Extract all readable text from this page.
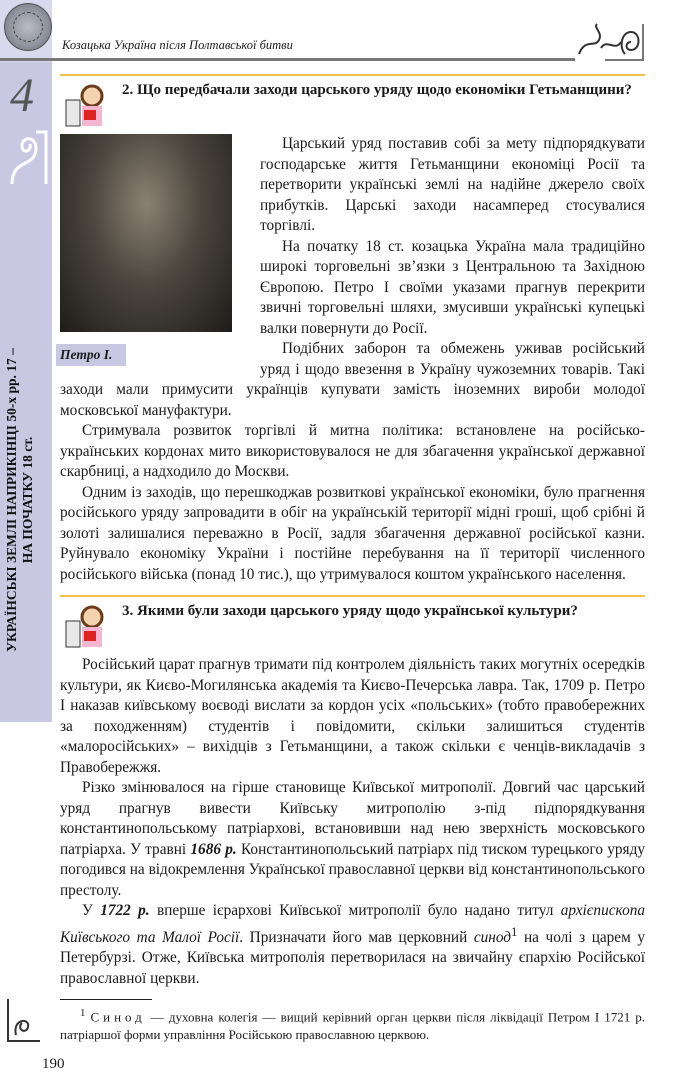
Козацька Україна після Полтавської битви
4
УКРАЇНСЬКІ ЗЕМЛІ НАПРИКІНЦІ 50-х рр. 17 – НА ПОЧАТКУ 18 ст.
2. Що передбачали заходи царського уряду щодо економіки Гетьманщини?
Петро І.

Царський уряд поставив собі за мету підпорядкувати господарське життя Гетьманщини економіці Росії та перетворити українські землі на надійне джерело своїх прибутків. Царські заходи насамперед стосувалися торгівлі.

На початку 18 ст. козацька Україна мала традиційно широкі торговельні зв’язки з Центральною та Західною Європою. Петро І своїми указами прагнув перекрити звичні торговельні шляхи, змусивши українські купецькі валки повернути до Росії.

Подібних заборон та обмежень уживав російський уряд і щодо ввезення в Україну чужоземних товарів. Такі заходи мали примусити українців купувати замість іноземних вироби молодої московської мануфактури.

Стримувала розвиток торгівлі й митна політика: встановлене на російсько-українських кордонах мито використовувалося не для збагачення української державної скарбниці, а надходило до Москви.

Одним із заходів, що перешкоджав розвиткові української економіки, було прагнення російського уряду запровадити в обіг на українській території мідні гроші, щоб срібні й золоті залишалися переважно в Росії, задля збагачення державної російської казни. Руйнувало економіку України і постійне перебування на її території численного російського війська (понад 10 тис.), що утримувалося коштом українського населення.

3. Якими були заходи царського уряду щодо української культури?

Російський царат прагнув тримати під контролем діяльність таких могутніх осередків культури, як Києво-Могилянська академія та Києво-Печерська лавра. Так, 1709 р. Петро І наказав київському воєводі вислати за кордон усіх «польських» (тобто правобережних за походженням) студентів і повідомити, скільки залишиться студентів «малоросійських» – вихідців з Гетьманщини, а також скільки є ченців-викладачів з Правобережжя.

Різко змінювалося на гірше становище Київської митрополії. Довгий час царський уряд прагнув вивести Київську митрополію з-під підпорядкування константинопольському патріархові, встановивши над нею зверхність московського патріарха. У травні 1686 р. Константинопольський патріарх під тиском турецького уряду погодився на відокремлення Української православної церкви від константинопольського престолу.

У 1722 р. вперше ієрархові Київської митрополії було надано титул архієпископа Київського та Малої Росії. Призначати його мав церковний синод$^1$ на чолі з царем у Петербурзі. Отже, Київська митрополія перетворилася на звичайну єпархію Російської православної церкви.

$^1$ Синод — духовна колегія — вищий керівний орган церкви після ліквідації Петром І 1721 р. патріаршої форми управління Російською православною церквою.

190
